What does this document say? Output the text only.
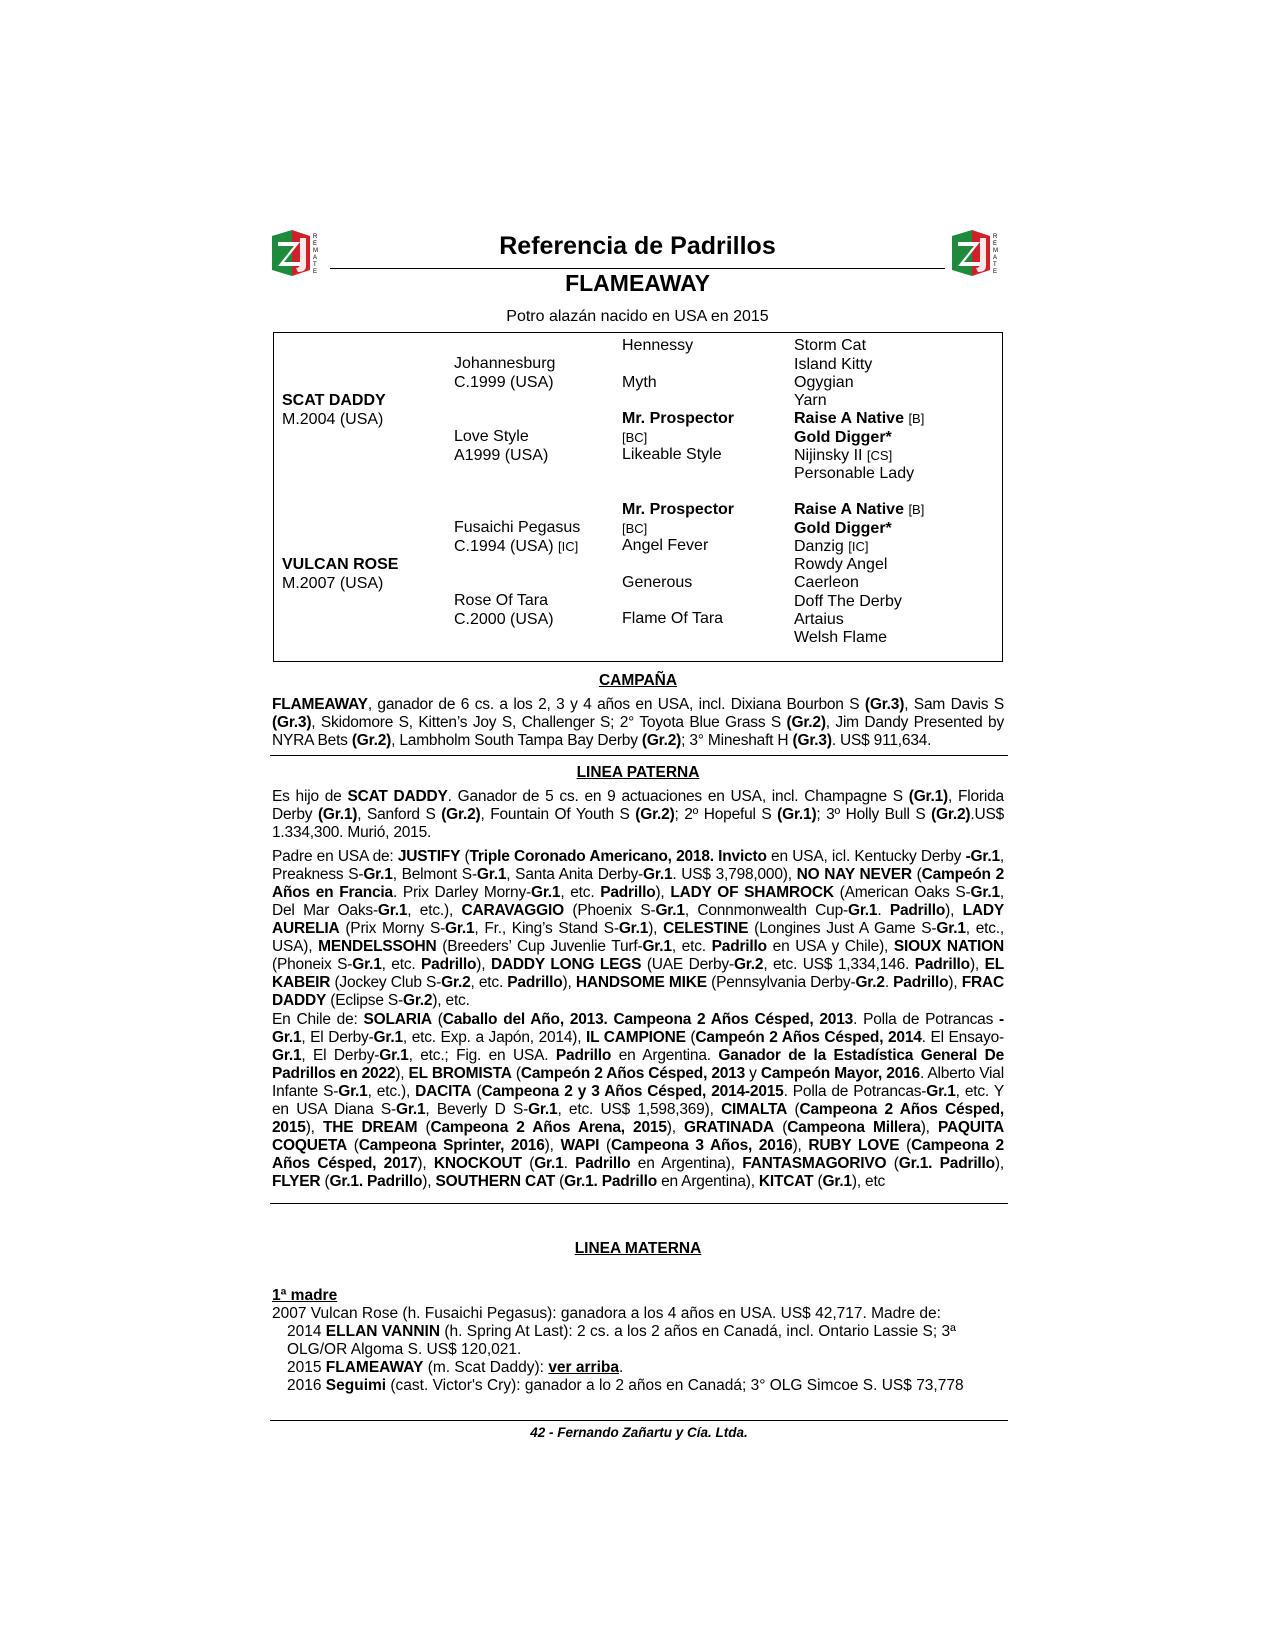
R
E
M
A
T
E
R
E
M
A
T
E
Referencia de Padrillos
FLAMEAWAY
Potro alazán nacido en USA en 2015
SCAT DADDY
M.2004 (USA)
VULCAN ROSE
M.2007 (USA)
Johannesburg
C.1999 (USA)
Love Style
A1999 (USA)
Fusaichi Pegasus
C.1994 (USA) [IC]
Rose Of Tara
C.2000 (USA)
Hennessy
Myth
Mr. Prospector
[BC]
Likeable Style
Mr. Prospector
[BC]
Angel Fever
Generous
Flame Of Tara
Storm Cat
Island Kitty
Ogygian
Yarn
Raise A Native [B]
Gold Digger*
Nijinsky II [CS]
Personable Lady
Raise A Native [B]
Gold Digger*
Danzig [IC]
Rowdy Angel
Caerleon
Doff The Derby
Artaius
Welsh Flame
CAMPAÑA
FLAMEAWAY, ganador de 6 cs. a los 2, 3 y 4 años en USA, incl. Dixiana Bourbon S (Gr.3), Sam Davis S (Gr.3), Skidomore S, Kitten’s Joy S, Challenger S; 2° Toyota Blue Grass S (Gr.2), Jim Dandy Presented by NYRA Bets (Gr.2), Lambholm South Tampa Bay Derby (Gr.2); 3° Mineshaft H (Gr.3). US$ 911,634.
LINEA PATERNA
Es hijo de SCAT DADDY. Ganador de 5 cs. en 9 actuaciones en USA, incl. Champagne S (Gr.1), Florida Derby (Gr.1), Sanford S (Gr.2), Fountain Of Youth S (Gr.2); 2º Hopeful S (Gr.1); 3º Holly Bull S (Gr.2).US$ 1.334,300. Murió, 2015.
Padre en USA de: JUSTIFY (Triple Coronado Americano, 2018. Invicto en USA, icl. Kentucky Derby -Gr.1, Preakness S-Gr.1, Belmont S-Gr.1, Santa Anita Derby-Gr.1. US$ 3,798,000), NO NAY NEVER (Campeón 2 Años en Francia. Prix Darley Morny-Gr.1, etc. Padrillo), LADY OF SHAMROCK (American Oaks S-Gr.1, Del Mar Oaks-Gr.1, etc.), CARAVAGGIO (Phoenix S-Gr.1, Connmonwealth Cup-Gr.1. Padrillo), LADY AURELIA (Prix Morny S-Gr.1, Fr., King’s Stand S-Gr.1), CELESTINE (Longines Just A Game S-Gr.1, etc., USA), MENDELSSOHN (Breeders’ Cup Juvenlie Turf-Gr.1, etc. Padrillo en USA y Chile), SIOUX NATION (Phoneix S-Gr.1, etc. Padrillo), DADDY LONG LEGS (UAE Derby-Gr.2, etc. US$ 1,334,146. Padrillo), EL KABEIR (Jockey Club S-Gr.2, etc. Padrillo), HANDSOME MIKE (Pennsylvania Derby-Gr.2. Padrillo), FRAC DADDY (Eclipse S-Gr.2), etc.
En Chile de: SOLARIA (Caballo del Año, 2013. Campeona 2 Años Césped, 2013. Polla de Potrancas -Gr.1, El Derby-Gr.1, etc. Exp. a Japón, 2014), IL CAMPIONE (Campeón 2 Años Césped, 2014. El Ensayo-Gr.1, El Derby-Gr.1, etc.; Fig. en USA. Padrillo en Argentina. Ganador de la Estadística General De Padrillos en 2022), EL BROMISTA (Campeón 2 Años Césped, 2013 y Campeón Mayor, 2016. Alberto Vial Infante S-Gr.1, etc.), DACITA (Campeona 2 y 3 Años Césped, 2014-2015. Polla de Potrancas-Gr.1, etc. Y en USA Diana S-Gr.1, Beverly D S-Gr.1, etc. US$ 1,598,369), CIMALTA (Campeona 2 Años Césped, 2015), THE DREAM (Campeona 2 Años Arena, 2015), GRATINADA (Campeona Millera), PAQUITA COQUETA (Campeona Sprinter, 2016), WAPI (Campeona 3 Años, 2016), RUBY LOVE (Campeona 2 Años Césped, 2017), KNOCKOUT (Gr.1. Padrillo en Argentina), FANTASMAGORIVO (Gr.1. Padrillo), FLYER (Gr.1. Padrillo), SOUTHERN CAT (Gr.1. Padrillo en Argentina), KITCAT (Gr.1), etc
LINEA MATERNA
1ª madre
2007 Vulcan Rose (h. Fusaichi Pegasus): ganadora a los 4 años en USA. US$ 42,717. Madre de:
2014 ELLAN VANNIN (h. Spring At Last): 2 cs. a los 2 años en Canadá, incl. Ontario Lassie S; 3ª
OLG/OR Algoma S. US$ 120,021.
2015 FLAMEAWAY (m. Scat Daddy): ver arriba.
2016 Seguimi (cast. Victor's Cry): ganador a lo 2 años en Canadá; 3° OLG Simcoe S. US$ 73,778
42 - Fernando Zañartu y Cía. Ltda.
